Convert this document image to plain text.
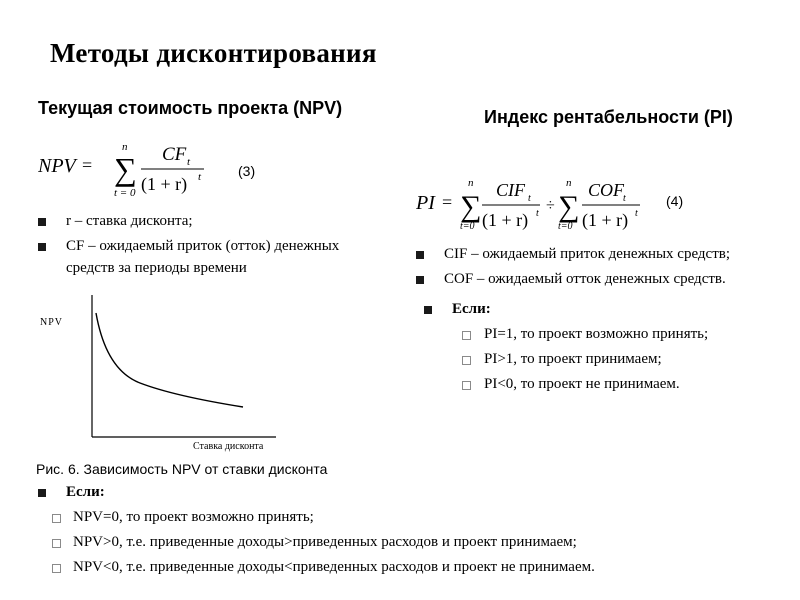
Методы дисконтирования
Текущая стоимость проекта (NPV)
NPV =
n
∑
t = 0
CF t
(1 + r) t	(3)
r – ставка дисконта;
CF – ожидаемый приток (отток) денежных
средств за периоды времени
NPV
Ставка дисконта
Рис. 6. Зависимость NPV от ставки дисконта
Если:
NPV=0, то проект возможно принять;
NPV>0, т.е. приведенные доходы>приведенных расходов и проект принимаем;
NPV<0, т.е. приведенные доходы<приведенных расходов и проект не принимаем.
Индекс рентабельности (PI)
PI =
n
∑
t=0
CIF t
(1 + r) t ÷
n
∑
t=0
COF t
(1 + r) t
(4)
CIF – ожидаемый приток денежных средств;
COF – ожидаемый отток денежных средств.
Если:
PI=1, то проект возможно принять;
PI>1, то проект принимаем;
PI<0, то проект не принимаем.
